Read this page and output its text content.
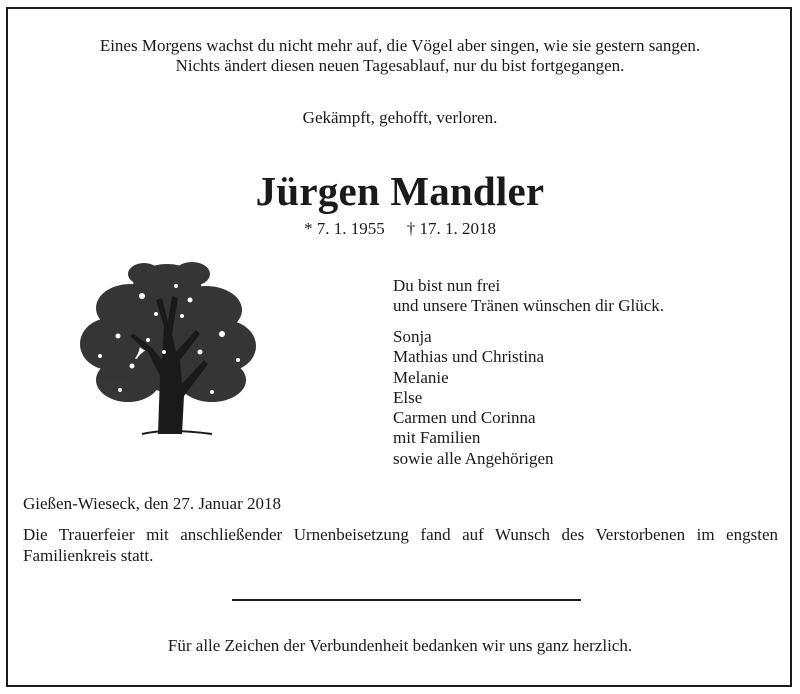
Eines Morgens wachst du nicht mehr auf, die Vögel aber singen, wie sie gestern sangen.
Nichts ändert diesen neuen Tagesablauf, nur du bist fortgegangen.
Gekämpft, gehofft, verloren.
Jürgen Mandler
* 7. 1. 1955 † 17. 1. 2018
Du bist nun frei
und unsere Tränen wünschen dir Glück.
Sonja
Mathias und Christina
Melanie
Else
Carmen und Corinna
mit Familien
sowie alle Angehörigen
Gießen-Wieseck, den 27. Januar 2018
Die Trauerfeier mit anschließender Urnenbeisetzung fand auf Wunsch des Verstorbenen im engsten Familienkreis statt.
Für alle Zeichen der Verbundenheit bedanken wir uns ganz herzlich.
